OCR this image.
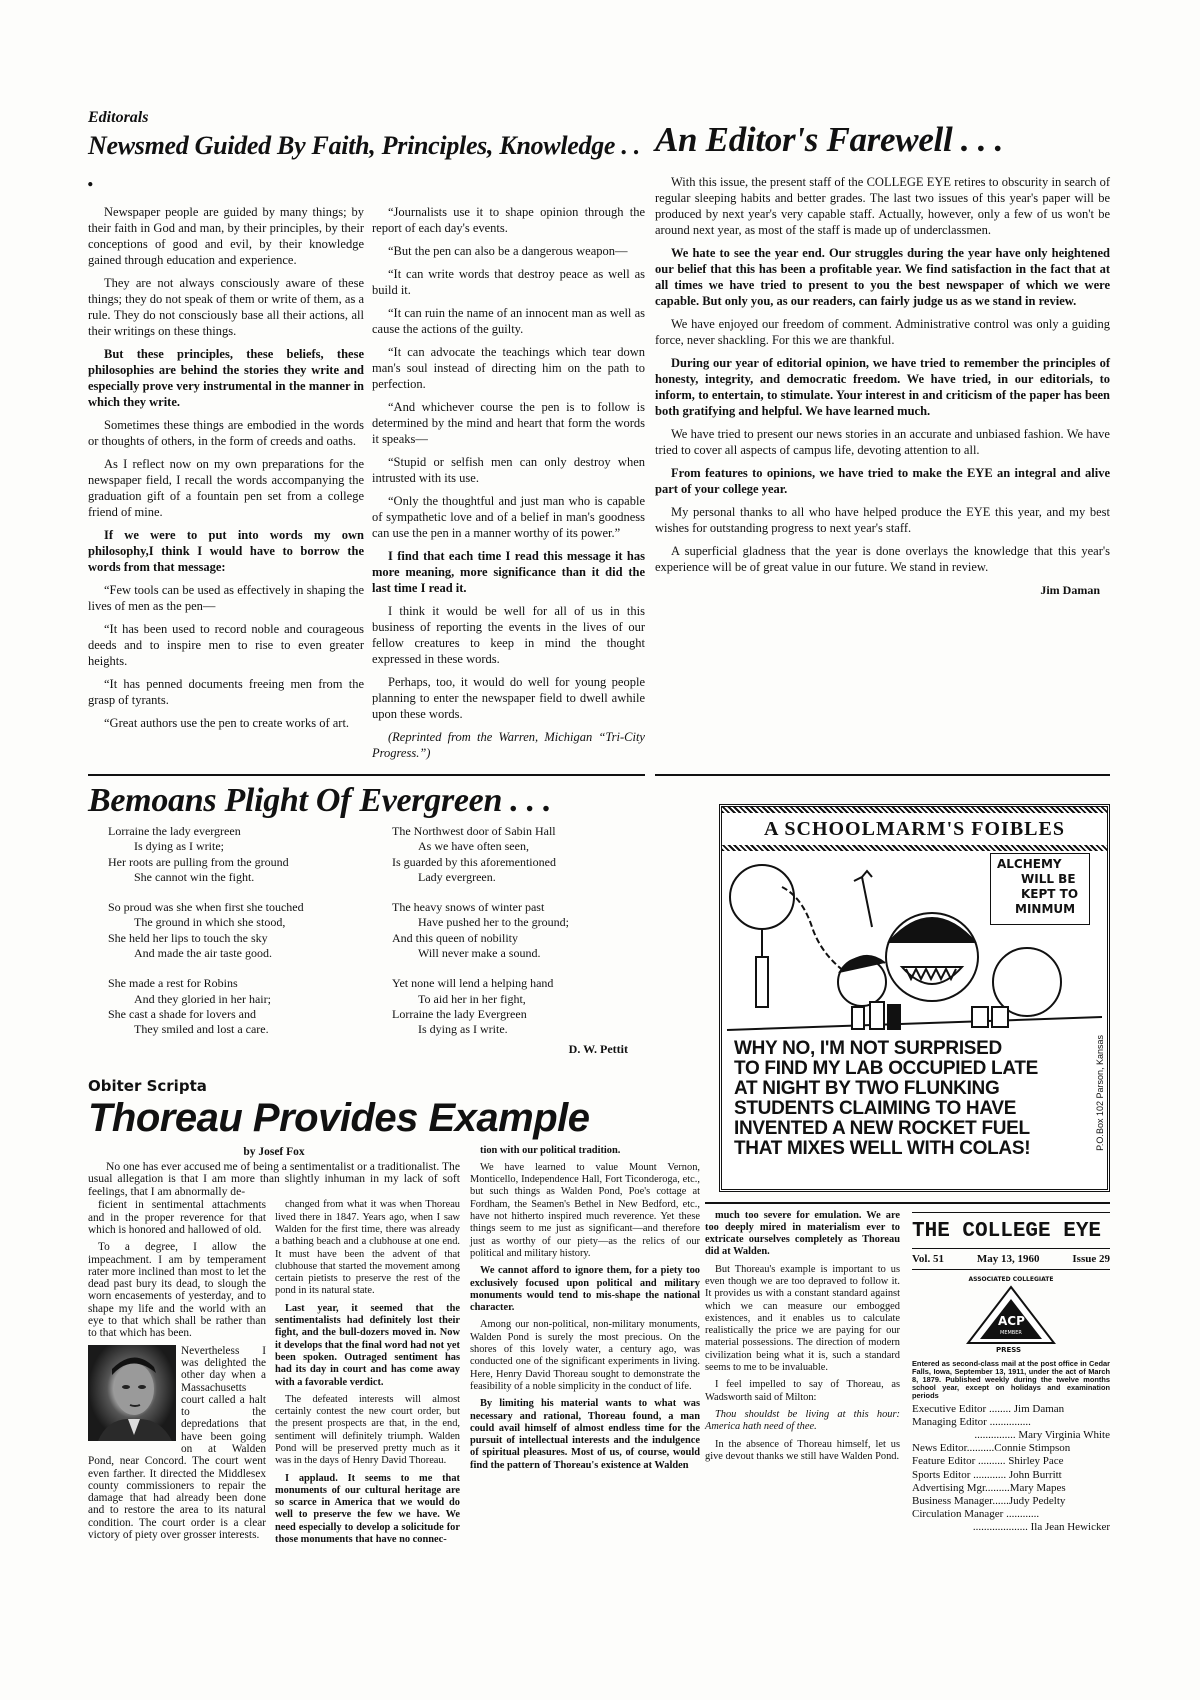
Editorals
Newsmed Guided By Faith, Principles, Knowledge . . .

Newspaper people are guided by many things; by their faith in God and man, by their principles, by their conceptions of good and evil, by their knowledge gained through education and experience.

They are not always consciously aware of these things; they do not speak of them or write of them, as a rule. They do not consciously base all their actions, all their writings on these things.

But these principles, these beliefs, these philosophies are behind the stories they write and especially prove very instrumental in the manner in which they write.

Sometimes these things are embodied in the words or thoughts of others, in the form of creeds and oaths.

As I reflect now on my own preparations for the newspaper field, I recall the words accompanying the graduation gift of a fountain pen set from a college friend of mine.

If we were to put into words my own philosophy,I think I would have to borrow the words from that message:

“Few tools can be used as effectively in shaping the lives of men as the pen—

“It has been used to record noble and courageous deeds and to inspire men to rise to even greater heights.

“It has penned documents freeing men from the grasp of tyrants.

“Great authors use the pen to create works of art.

“Journalists use it to shape opinion through the report of each day's events.

“But the pen can also be a dangerous weapon—

“It can write words that destroy peace as well as build it.

“It can ruin the name of an innocent man as well as cause the actions of the guilty.

“It can advocate the teachings which tear down man's soul instead of directing him on the path to perfection.

“And whichever course the pen is to follow is determined by the mind and heart that form the words it speaks—

“Stupid or selfish men can only destroy when intrusted with its use.

“Only the thoughtful and just man who is capable of sympathetic love and of a belief in man's goodness can use the pen in a manner worthy of its power.”

I find that each time I read this message it has more meaning, more significance than it did the last time I read it.

I think it would be well for all of us in this business of reporting the events in the lives of our fellow creatures to keep in mind the thought expressed in these words.

Perhaps, too, it would do well for young people planning to enter the newspaper field to dwell awhile upon these words.

(Reprinted from the Warren, Michigan “Tri-City Progress.”)

An Editor's Farewell . . .

With this issue, the present staff of the COLLEGE EYE retires to obscurity in search of regular sleeping habits and better grades. The last two issues of this year's paper will be produced by next year's very capable staff. Actually, however, only a few of us won't be around next year, as most of the staff is made up of underclassmen.

We hate to see the year end. Our struggles during the year have only heightened our belief that this has been a profitable year. We find satisfaction in the fact that at all times we have tried to present to you the best newspaper of which we were capable. But only you, as our readers, can fairly judge us as we stand in review.

We have enjoyed our freedom of comment. Administrative control was only a guiding force, never shackling. For this we are thankful.

During our year of editorial opinion, we have tried to remember the principles of honesty, integrity, and democratic freedom. We have tried, in our editorials, to inform, to entertain, to stimulate. Your interest in and criticism of the paper has been both gratifying and helpful. We have learned much.

We have tried to present our news stories in an accurate and unbiased fashion. We have tried to cover all aspects of campus life, devoting attention to all.

From features to opinions, we have tried to make the EYE an integral and alive part of your college year.

My personal thanks to all who have helped produce the EYE this year, and my best wishes for outstanding progress to next year's staff.

A superficial gladness that the year is done overlays the knowledge that this year's experience will be of great value in our future. We stand in review.

Jim Daman
Bemoans Plight Of Evergreen . . .
Lorraine the lady evergreen
Is dying as I write;
Her roots are pulling from the ground
She cannot win the fight.
So proud was she when first she touched
The ground in which she stood,
She held her lips to touch the sky
And made the air taste good.
She made a rest for Robins
And they gloried in her hair;
She cast a shade for lovers and
They smiled and lost a care.
The Northwest door of Sabin Hall
As we have often seen,
Is guarded by this aforementioned
Lady evergreen.
The heavy snows of winter past
Have pushed her to the ground;
And this queen of nobility
Will never make a sound.
Yet none will lend a helping hand
To aid her in her fight,
Lorraine the lady Evergreen
Is dying as I write.
D. W. Pettit
Obiter Scripta
Thoreau Provides Example
by Josef Fox
No one has ever accused me of being a sentimentalist or a traditionalist. The usual allegation is that I am more than slightly inhuman in my lack of soft feelings, that I am abnormally de-

ficient in sentimental attachments and in the proper reverence for that which is honored and hallowed of old.

To a degree, I allow the impeachment. I am by temperament rater more inclined than most to let the dead past bury its dead, to slough the worn encasements of yesterday, and to shape my life and the world with an eye to that which shall be rather than to that which has been.

Nevertheless I was delighted the other day when a Massachusetts court called a halt to the depredations that have been going on at Walden Pond, near Concord. The court went even farther. It directed the Middlesex county commissioners to repair the damage that had already been done and to restore the area to its natural condition. The court order is a clear victory of piety over grosser interests.

changed from what it was when Thoreau lived there in 1847. Years ago, when I saw Walden for the first time, there was already a bathing beach and a clubhouse at one end. It must have been the advent of that clubhouse that started the movement among certain pietists to preserve the rest of the pond in its natural state.

Last year, it seemed that the sentimentalists had definitely lost their fight, and the bull-dozers moved in. Now it develops that the final word had not yet been spoken. Outraged sentiment has had its day in court and has come away with a favorable verdict.

The defeated interests will almost certainly contest the new court order, but the present prospects are that, in the end, sentiment will definitely triumph. Walden Pond will be preserved pretty much as it was in the days of Henry David Thoreau.

I applaud. It seems to me that monuments of our cultural heritage are so scarce in America that we would do well to preserve the few we have. We need especially to develop a solicitude for those monuments that have no connec-

tion with our political tradition.

We have learned to value Mount Vernon, Monticello, Independence Hall, Fort Ticonderoga, etc., but such things as Walden Pond, Poe's cottage at Fordham, the Seamen's Bethel in New Bedford, etc., have not hitherto inspired much reverence. Yet these things seem to me just as significant—and therefore just as worthy of our piety—as the relics of our political and military history.

We cannot afford to ignore them, for a piety too exclusively focused upon political and military monuments would tend to mis-shape the national character.

Among our non-political, non-military monuments, Walden Pond is surely the most precious. On the shores of this lovely water, a century ago, was conducted one of the significant experiments in living. Here, Henry David Thoreau sought to demonstrate the feasibility of a noble simplicity in the conduct of life.

By limiting his material wants to what was necessary and rational, Thoreau found, a man could avail himself of almost endless time for the pursuit of intellectual interests and the indulgence of spiritual pleasures. Most of us, of course, would find the pattern of Thoreau's existence at Walden

A SCHOOLMARM'S FOIBLES
ALCHEMY
WILL BE
KEPT TO
MINMUM
WHY NO, I'M NOT SURPRISED
TO FIND MY LAB OCCUPIED LATE
AT NIGHT BY TWO FLUNKING
STUDENTS CLAIMING TO HAVE
INVENTED A NEW ROCKET FUEL
THAT MIXES WELL WITH COLAS!	P.O.Box 102 Parson, Kansas

much too severe for emulation. We are too deeply mired in materialism ever to extricate ourselves completely as Thoreau did at Walden.

But Thoreau's example is important to us even though we are too depraved to follow it. It provides us with a constant standard against which we can measure our embogged existences, and it enables us to calculate realistically the price we are paying for our material possessions. The direction of modern civilization being what it is, such a standard seems to me to be invaluable.

I feel impelled to say of Thoreau, as Wadsworth said of Milton:

Thou shouldst be living at this hour: America hath need of thee.

In the absence of Thoreau himself, let us give devout thanks we still have Walden Pond.

THE COLLEGE EYE
Vol. 51	May 13, 1960	Issue 29
ASSOCIATED COLLEGIATE
ACP
MEMBER
PRESS
Entered as second-class mail at the post office in Cedar Falls, Iowa, September 13, 1911, under the act of March 8, 1879. Published weekly during the twelve months school year, except on holidays and examination periods
Executive Editor ........ Jim Daman
Managing Editor ...............
............... Mary Virginia White
News Editor..........Connie Stimpson
Feature Editor .......... Shirley Pace
Sports Editor ............ John Burritt
Advertising Mgr.........Mary Mapes
Business Manager......Judy Pedelty
Circulation Manager ............
.................... Ila Jean Hewicker
